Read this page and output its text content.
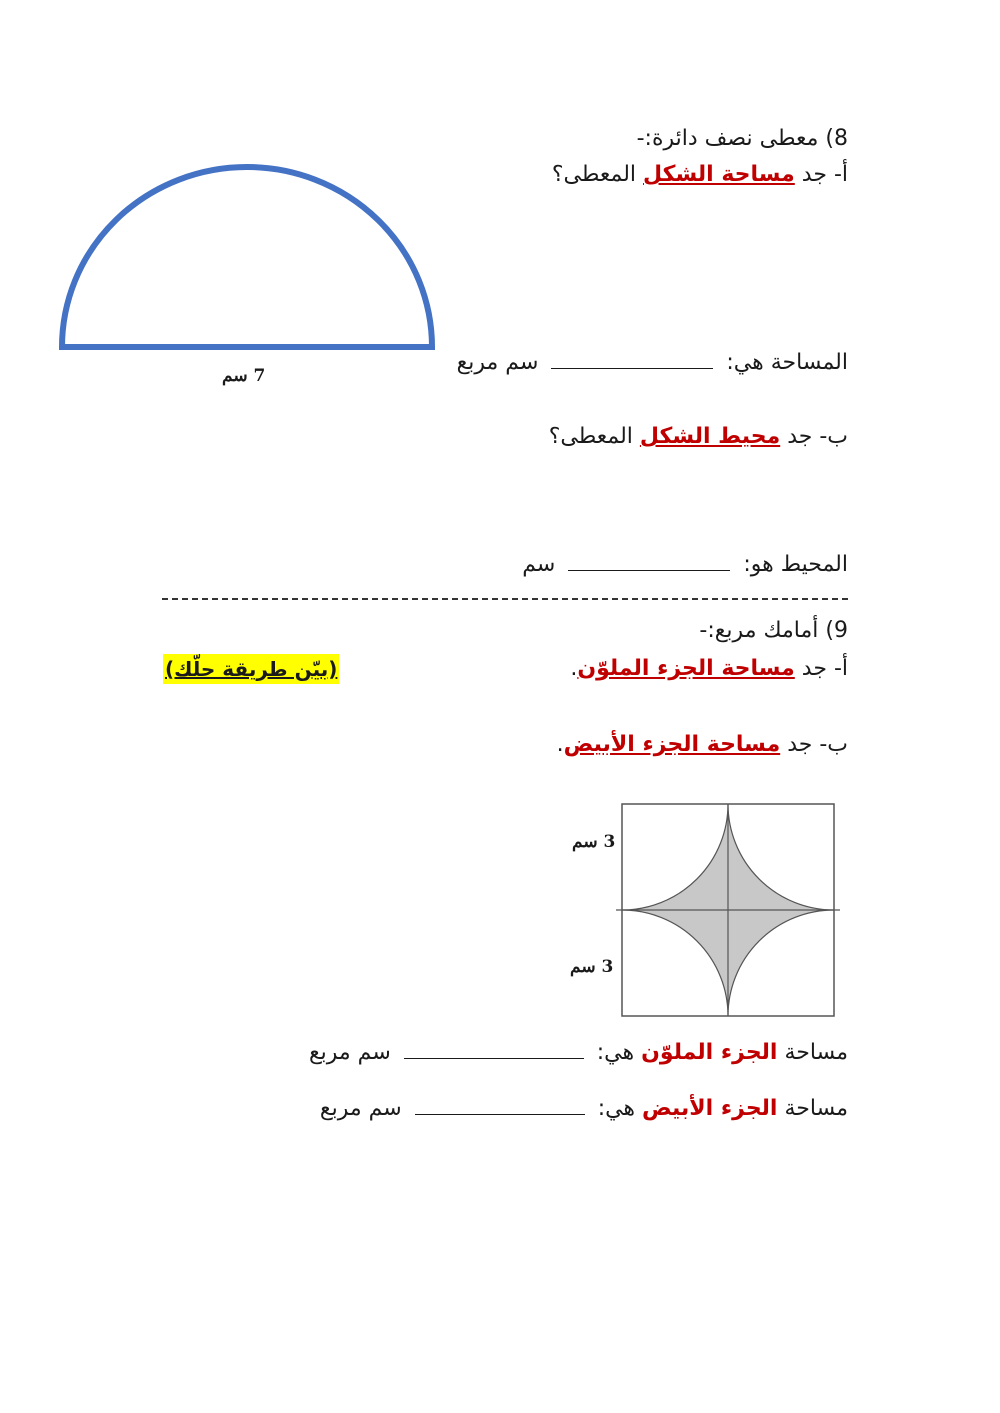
8) معطى نصف دائرة:-
أ- جد مساحة الشكل المعطى؟
7 سم
المساحة هي:  سم مربع
ب- جد محيط الشكل المعطى؟
المحيط هو:  سم
9) أمامك مربع:-
أ- جد مساحة الجزء الملوّن.
(بيّن طريقة حلّك)
ب- جد مساحة الجزء الأبيض.
3 سم
3 سم
مساحة الجزء الملوّن هي:  سم مربع
مساحة الجزء الأبيض هي:  سم مربع
